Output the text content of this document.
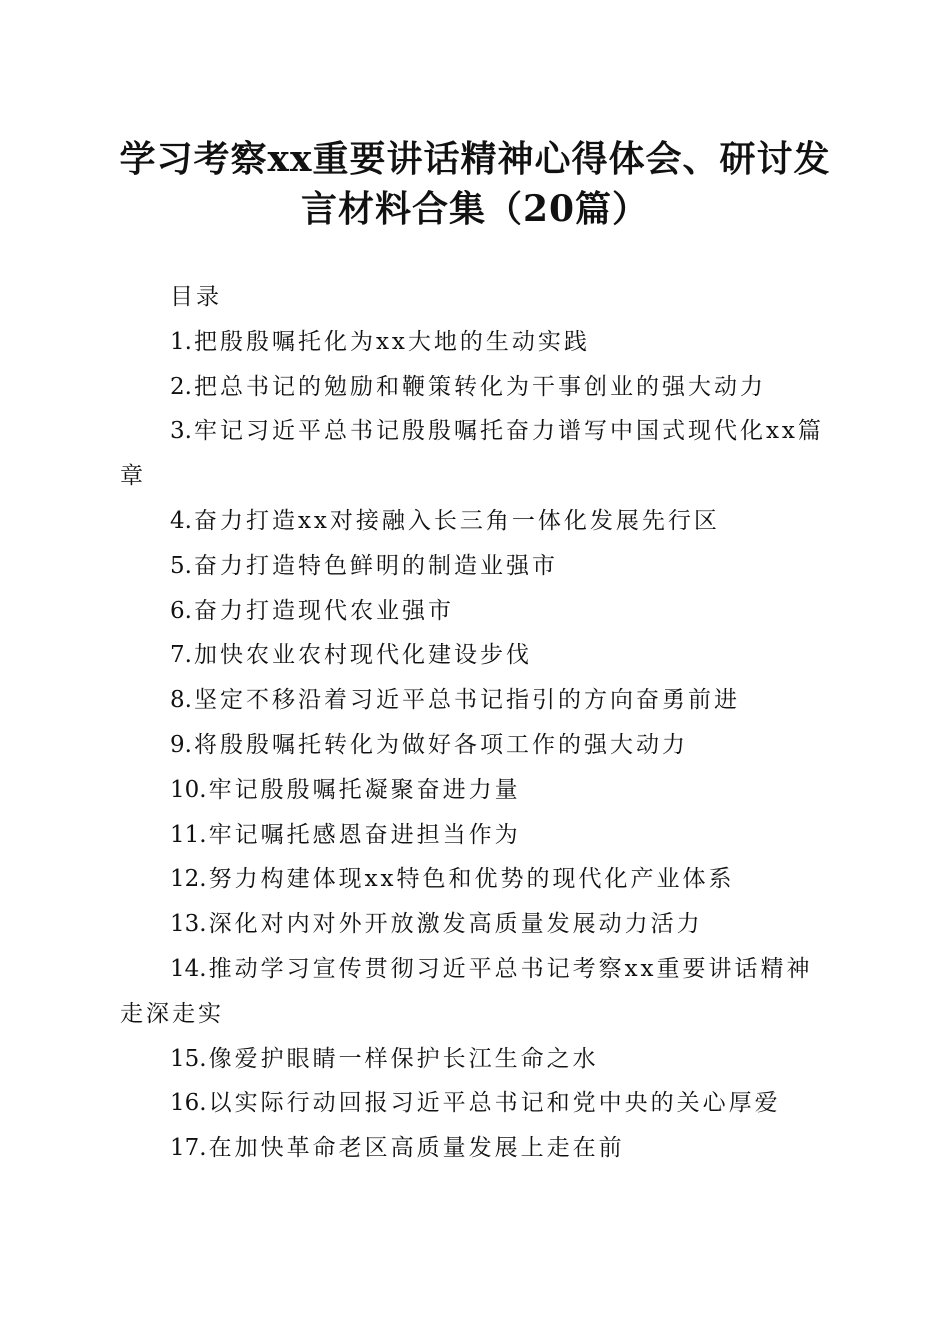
学习考察xx重要讲话精神心得体会、研讨发
言材料合集（20篇）
目录
1.把殷殷嘱托化为xx大地的生动实践
2.把总书记的勉励和鞭策转化为干事创业的强大动力
3.牢记习近平总书记殷殷嘱托奋力谱写中国式现代化xx篇
章
4.奋力打造xx对接融入长三角一体化发展先行区
5.奋力打造特色鲜明的制造业强市
6.奋力打造现代农业强市
7.加快农业农村现代化建设步伐
8.坚定不移沿着习近平总书记指引的方向奋勇前进
9.将殷殷嘱托转化为做好各项工作的强大动力
10.牢记殷殷嘱托凝聚奋进力量
11.牢记嘱托感恩奋进担当作为
12.努力构建体现xx特色和优势的现代化产业体系
13.深化对内对外开放激发高质量发展动力活力
14.推动学习宣传贯彻习近平总书记考察xx重要讲话精神
走深走实
15.像爱护眼睛一样保护长江生命之水
16.以实际行动回报习近平总书记和党中央的关心厚爱
17.在加快革命老区高质量发展上走在前
